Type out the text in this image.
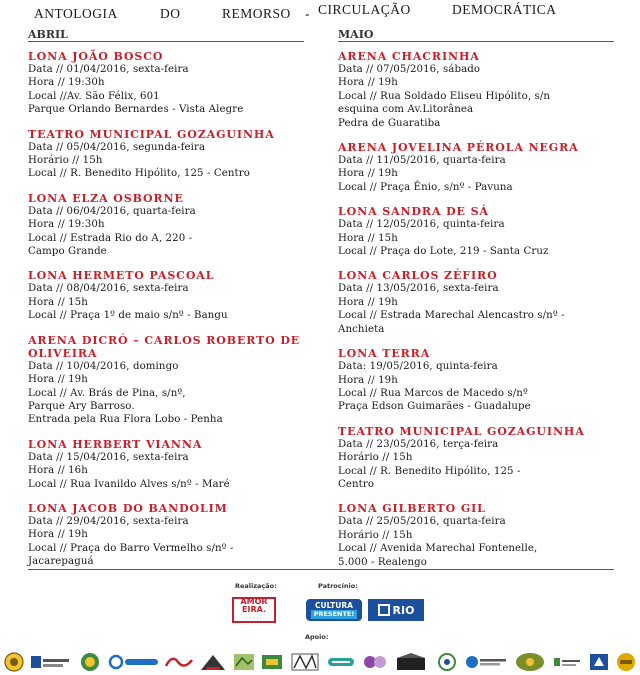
ANTOLOGIA	DO	REMORSO - CIRCULAÇÃO	DEMOCRÁTICA
ABRIL
LONA JOÃO BOSCO
Data // 01/04/2016, sexta-feira
Hora // 19:30h
Local //Av. São Félix, 601
Parque Orlando Bernardes - Vista Alegre
TEATRO MUNICIPAL GOZAGUINHA
Data // 05/04/2016, segunda-feira
Horário // 15h
Local // R. Benedito Hipólito, 125 - Centro
LONA ELZA OSBORNE
Data // 06/04/2016, quarta-feira
Hora // 19:30h
Local // Estrada Rio do A, 220 -
Campo Grande
LONA HERMETO PASCOAL
Data // 08/04/2016, sexta-feira
Hora // 15h
Local // Praça 1º de maio s/nº - Bangu
ARENA DICRÓ – CARLOS ROBERTO DE OLIVEIRA
Data // 10/04/2016, domingo
Hora // 19h
Local // Av. Brás de Pina, s/nº,
Parque Ary Barroso.
Entrada pela Rua Flora Lobo - Penha
LONA HERBERT VIANNA
Data // 15/04/2016, sexta-feira
Hora // 16h
Local // Rua Ivanildo Alves s/nº - Maré
LONA JACOB DO BANDOLIM
Data // 29/04/2016, sexta-feira
Hora // 19h
Local // Praça do Barro Vermelho s/nº -
Jacarepaguá
MAIO
ARENA CHACRINHA
Data // 07/05/2016, sábado
Hora // 19h
Local // Rua Soldado Eliseu Hipólito, s/n
esquina com Av.Litorânea
Pedra de Guaratiba
ARENA JOVELINA PÉROLA NEGRA
Data // 11/05/2016, quarta-feira
Hora // 19h
Local // Praça Ênio, s/nº - Pavuna
LONA SANDRA DE SÁ
Data // 12/05/2016, quinta-feira
Hora // 15h
Local // Praça do Lote, 219 - Santa Cruz
LONA CARLOS ZÉFIRO
Data // 13/05/2016, sexta-feira
Hora // 19h
Local // Estrada Marechal Alencastro s/nº -
Anchieta
LONA TERRA
Data: 19/05/2016, quinta-feira
Hora // 19h
Local // Rua Marcos de Macedo s/nº
Praça Edson Guimarães - Guadalupe
TEATRO MUNICIPAL GOZAGUINHA
Data // 23/05/2016, terça-feira
Horário // 15h
Local // R. Benedito Hipólito, 125 -
Centro
LONA GILBERTO GIL
Data // 25/05/2016, quarta-feira
Horário // 15h
Local // Avenida Marechal Fontenelle,
5.000 - Realengo
Realização:	Patrocínio:
AMOR
EIRA.
· · · · ·
CULTURA
PRESENTE!	RIO
Apoio:
